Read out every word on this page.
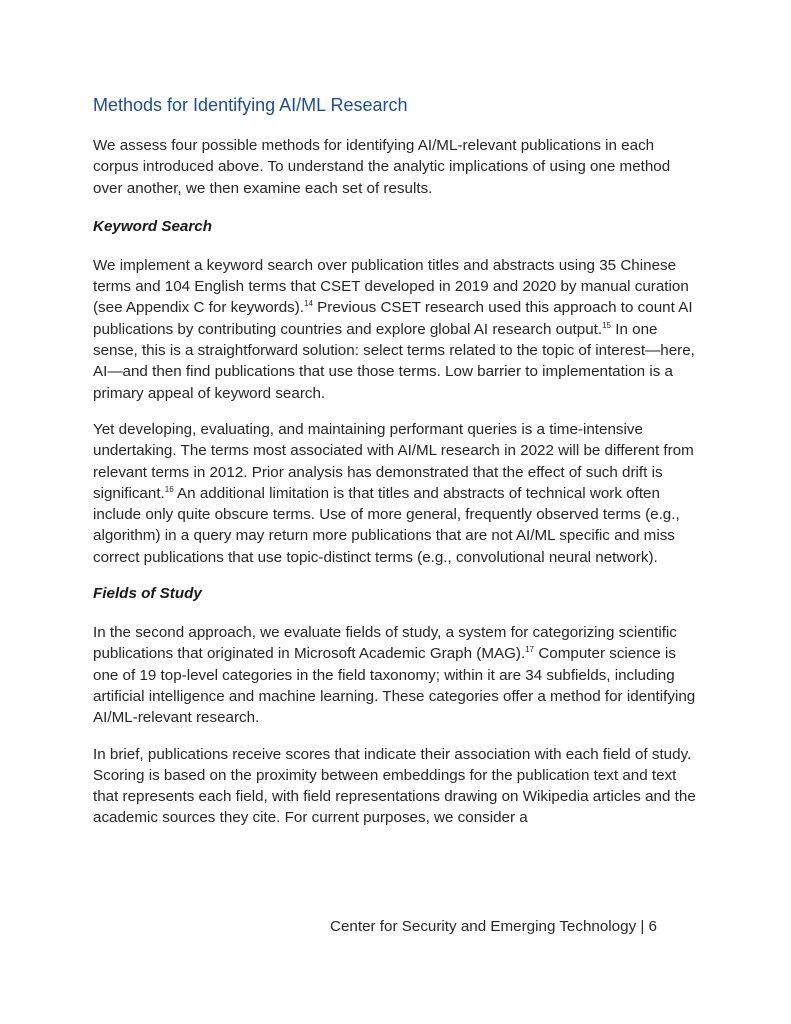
Methods for Identifying AI/ML Research

We assess four possible methods for identifying AI/ML-relevant publications in each corpus introduced above. To understand the analytic implications of using one method over another, we then examine each set of results.

Keyword Search

We implement a keyword search over publication titles and abstracts using 35 Chinese terms and 104 English terms that CSET developed in 2019 and 2020 by manual curation (see Appendix C for keywords).$^{14}$ Previous CSET research used this approach to count AI publications by contributing countries and explore global AI research output.$^{15}$ In one sense, this is a straightforward solution: select terms related to the topic of interest—here, AI—and then find publications that use those terms. Low barrier to implementation is a primary appeal of keyword search.

Yet developing, evaluating, and maintaining performant queries is a time-intensive undertaking. The terms most associated with AI/ML research in 2022 will be different from relevant terms in 2012. Prior analysis has demonstrated that the effect of such drift is significant.$^{16}$ An additional limitation is that titles and abstracts of technical work often include only quite obscure terms. Use of more general, frequently observed terms (e.g., algorithm) in a query may return more publications that are not AI/ML specific and miss correct publications that use topic-distinct terms (e.g., convolutional neural network).

Fields of Study

In the second approach, we evaluate fields of study, a system for categorizing scientific publications that originated in Microsoft Academic Graph (MAG).$^{17}$ Computer science is one of 19 top-level categories in the field taxonomy; within it are 34 subfields, including artificial intelligence and machine learning. These categories offer a method for identifying AI/ML-relevant research.

In brief, publications receive scores that indicate their association with each field of study. Scoring is based on the proximity between embeddings for the publication text and text that represents each field, with field representations drawing on Wikipedia articles and the academic sources they cite. For current purposes, we consider a

Center for Security and Emerging Technology | 6
